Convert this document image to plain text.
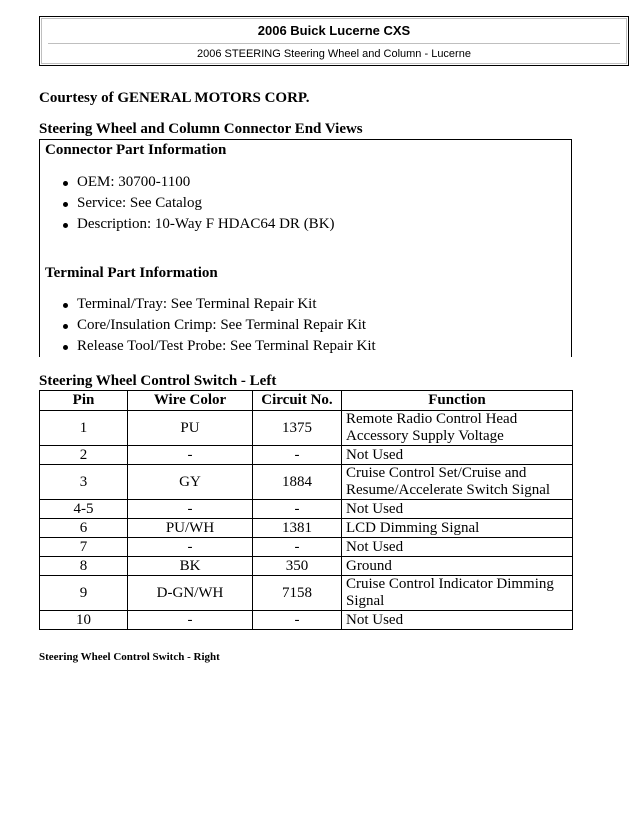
2006 Buick Lucerne CXS
2006 STEERING Steering Wheel and Column - Lucerne
Courtesy of GENERAL MOTORS CORP.
Steering Wheel and Column Connector End Views
Connector Part Information
OEM: 30700-1100
Service: See Catalog
Description: 10-Way F HDAC64 DR (BK)
Terminal Part Information
Terminal/Tray: See Terminal Repair Kit
Core/Insulation Crimp: See Terminal Repair Kit
Release Tool/Test Probe: See Terminal Repair Kit
Steering Wheel Control Switch - Left
Pin	Wire Color	Circuit No.	Function
1	PU	1375	Remote Radio Control Head Accessory Supply Voltage
2	-	-	Not Used
3	GY	1884	Cruise Control Set/Cruise and Resume/Accelerate Switch Signal
4-5	-	-	Not Used
6	PU/WH	1381	LCD Dimming Signal
7	-	-	Not Used
8	BK	350	Ground
9	D-GN/WH	7158	Cruise Control Indicator Dimming Signal
10	-	-	Not Used
Steering Wheel Control Switch - Right
